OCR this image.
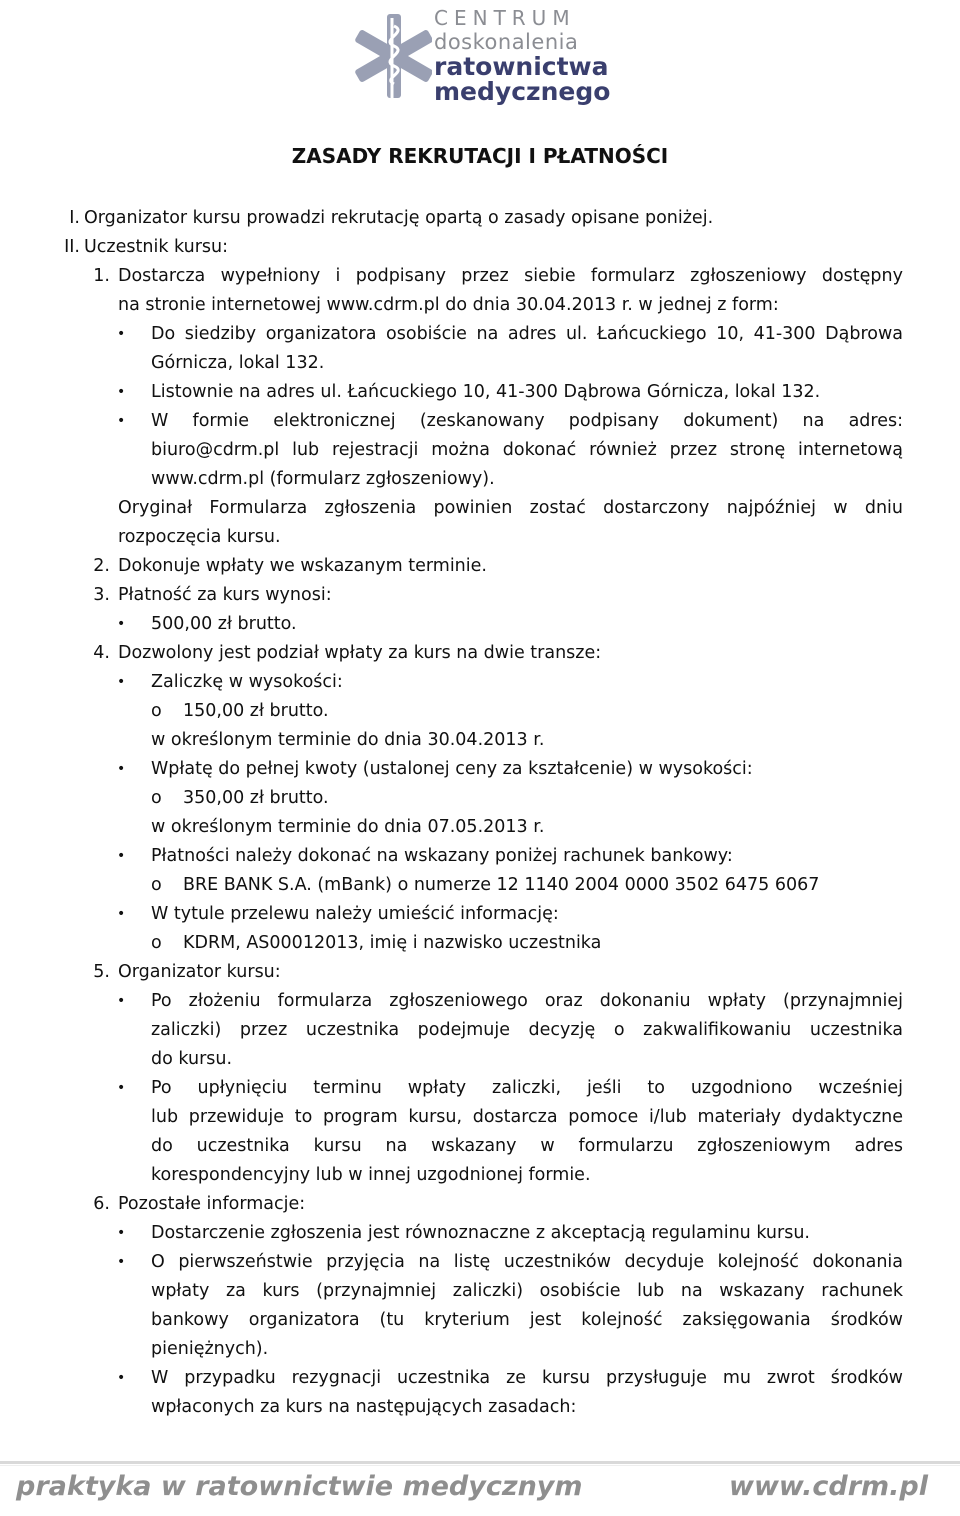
CENTRUM
doskonalenia
ratownictwa
medycznego
ZASADY REKRUTACJI I PŁATNOŚCI
I. Organizator kursu prowadzi rekrutację opartą o zasady opisane poniżej.
II. Uczestnik kursu:
1. Dostarcza wypełniony i podpisany przez siebie formularz zgłoszeniowy dostępny
na stronie internetowej www.cdrm.pl do dnia 30.04.2013 r. w jednej z form:
• Do siedziby organizatora osobiście na adres ul. Łańcuckiego 10, 41-300 Dąbrowa
Górnicza, lokal 132.
• Listownie na adres ul. Łańcuckiego 10, 41-300 Dąbrowa Górnicza, lokal 132.
• W formie elektronicznej (zeskanowany podpisany dokument) na adres:
biuro@cdrm.pl lub rejestracji można dokonać również przez stronę internetową
www.cdrm.pl (formularz zgłoszeniowy).
Oryginał Formularza zgłoszenia powinien zostać dostarczony najpóźniej w dniu
rozpoczęcia kursu.
2. Dokonuje wpłaty we wskazanym terminie.
3. Płatność za kurs wynosi:
• 500,00 zł brutto.
4. Dozwolony jest podział wpłaty za kurs na dwie transze:
• Zaliczkę w wysokości:
o 150,00 zł brutto.
w określonym terminie do dnia 30.04.2013 r.
• Wpłatę do pełnej kwoty (ustalonej ceny za kształcenie) w wysokości:
o 350,00 zł brutto.
w określonym terminie do dnia 07.05.2013 r.
• Płatności należy dokonać na wskazany poniżej rachunek bankowy:
o BRE BANK S.A. (mBank) o numerze 12 1140 2004 0000 3502 6475 6067
• W tytule przelewu należy umieścić informację:
o KDRM, AS00012013, imię i nazwisko uczestnika
5. Organizator kursu:
• Po złożeniu formularza zgłoszeniowego oraz dokonaniu wpłaty (przynajmniej
zaliczki) przez uczestnika podejmuje decyzję o zakwalifikowaniu uczestnika
do kursu.
• Po upłynięciu terminu wpłaty zaliczki, jeśli to uzgodniono wcześniej
lub przewiduje to program kursu, dostarcza pomoce i/lub materiały dydaktyczne
do uczestnika kursu na wskazany w formularzu zgłoszeniowym adres
korespondencyjny lub w innej uzgodnionej formie.
6. Pozostałe informacje:
• Dostarczenie zgłoszenia jest równoznaczne z akceptacją regulaminu kursu.
• O pierwszeństwie przyjęcia na listę uczestników decyduje kolejność dokonania
wpłaty za kurs (przynajmniej zaliczki) osobiście lub na wskazany rachunek
bankowy organizatora (tu kryterium jest kolejność zaksięgowania środków
pieniężnych).
• W przypadku rezygnacji uczestnika ze kursu przysługuje mu zwrot środków
wpłaconych za kurs na następujących zasadach:
praktyka w ratownictwie medycznym	www.cdrm.pl
